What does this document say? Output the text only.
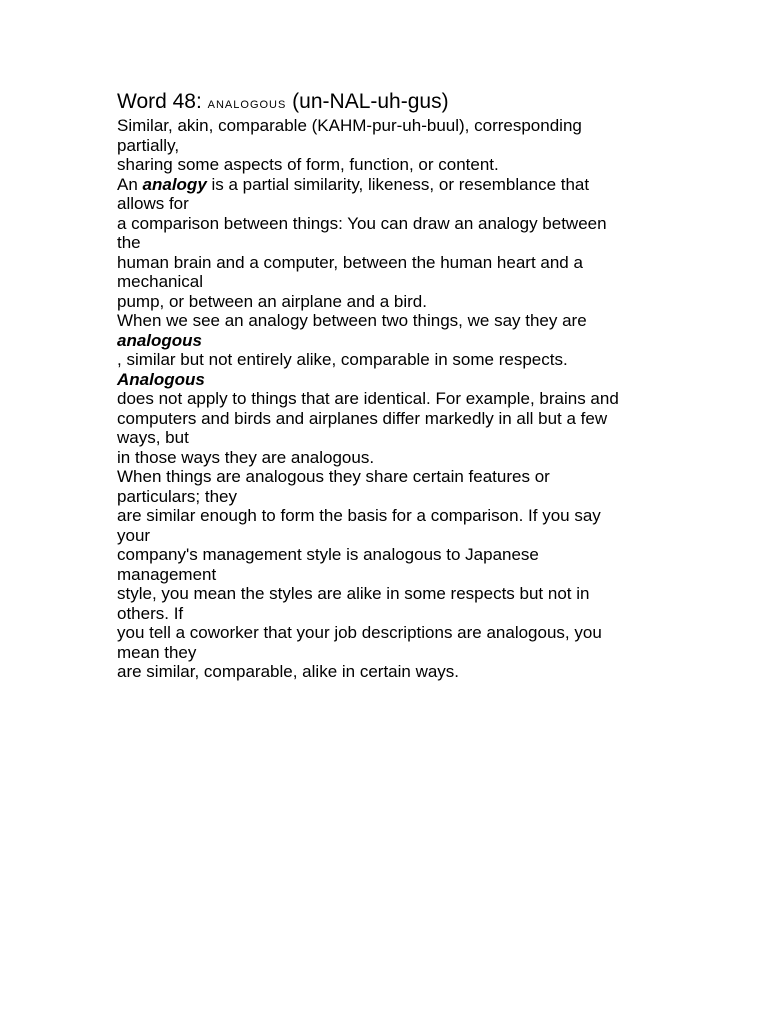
Word 48: ANALOGOUS (un-NAL-uh-gus)
Similar, akin, comparable (KAHM-pur-uh-buul), corresponding
partially,
sharing some aspects of form, function, or content.
An analogy is a partial similarity, likeness, or resemblance that
allows for
a comparison between things: You can draw an analogy between
the
human brain and a computer, between the human heart and a
mechanical
pump, or between an airplane and a bird.
When we see an analogy between two things, we say they are
analogous
, similar but not entirely alike, comparable in some respects.
Analogous
does not apply to things that are identical. For example, brains and
computers and birds and airplanes differ markedly in all but a few
ways, but
in those ways they are analogous.
When things are analogous they share certain features or
particulars; they
are similar enough to form the basis for a comparison. If you say
your
company's management style is analogous to Japanese
management
style, you mean the styles are alike in some respects but not in
others. If
you tell a coworker that your job descriptions are analogous, you
mean they
are similar, comparable, alike in certain ways.
